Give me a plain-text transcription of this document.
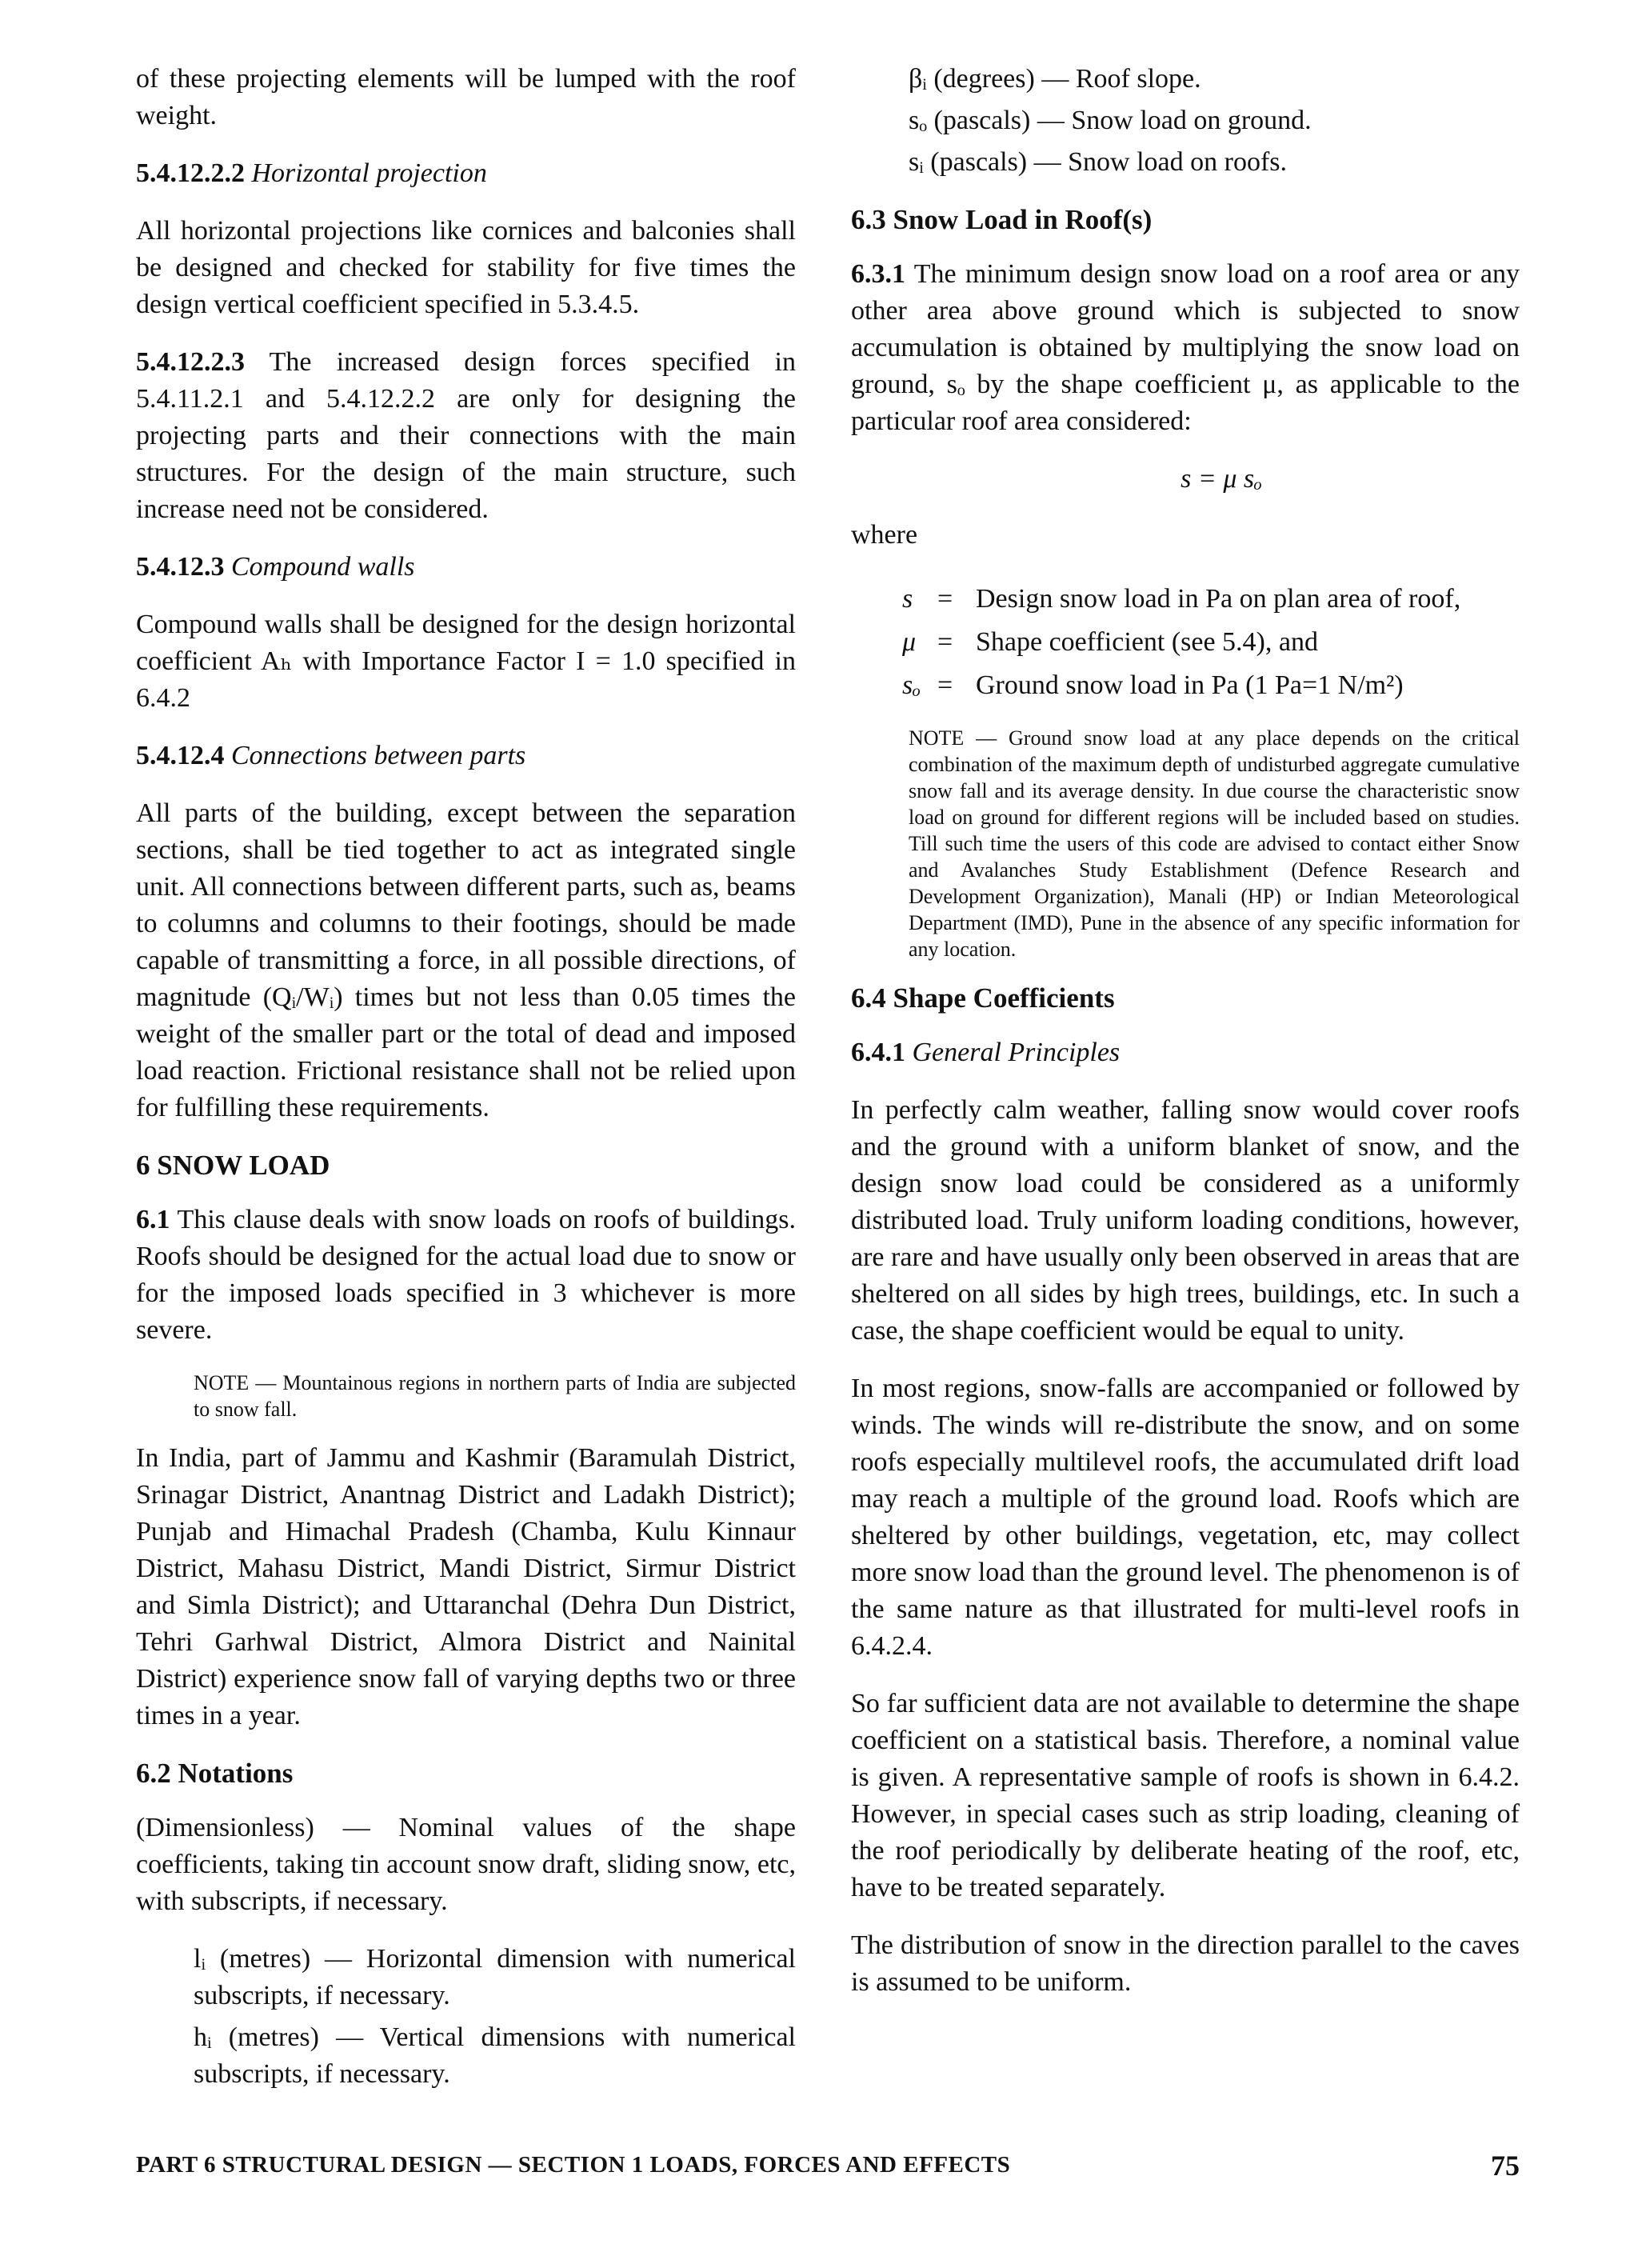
of these projecting elements will be lumped with the roof weight.

5.4.12.2.2 Horizontal projection

All horizontal projections like cornices and balconies shall be designed and checked for stability for five times the design vertical coefficient specified in 5.3.4.5.

5.4.12.2.3 The increased design forces specified in 5.4.11.2.1 and 5.4.12.2.2 are only for designing the projecting parts and their connections with the main structures. For the design of the main structure, such increase need not be considered.

5.4.12.3 Compound walls

Compound walls shall be designed for the design horizontal coefficient Aₕ with Importance Factor I = 1.0 specified in 6.4.2

5.4.12.4 Connections between parts

All parts of the building, except between the separation sections, shall be tied together to act as integrated single unit. All connections between different parts, such as, beams to columns and columns to their footings, should be made capable of transmitting a force, in all possible directions, of magnitude (Qᵢ/Wᵢ) times but not less than 0.05 times the weight of the smaller part or the total of dead and imposed load reaction. Frictional resistance shall not be relied upon for fulfilling these requirements.

6 SNOW LOAD

6.1 This clause deals with snow loads on roofs of buildings. Roofs should be designed for the actual load due to snow or for the imposed loads specified in 3 whichever is more severe.

NOTE — Mountainous regions in northern parts of India are subjected to snow fall.

In India, part of Jammu and Kashmir (Baramulah District, Srinagar District, Anantnag District and Ladakh District); Punjab and Himachal Pradesh (Chamba, Kulu Kinnaur District, Mahasu District, Mandi District, Sirmur District and Simla District); and Uttaranchal (Dehra Dun District, Tehri Garhwal District, Almora District and Nainital District) experience snow fall of varying depths two or three times in a year.

6.2 Notations

(Dimensionless) — Nominal values of the shape coefficients, taking tin account snow draft, sliding snow, etc, with subscripts, if necessary.

lᵢ (metres) — Horizontal dimension with numerical subscripts, if necessary.

hᵢ (metres) — Vertical dimensions with numerical subscripts, if necessary.

βᵢ (degrees) — Roof slope.

sₒ (pascals) — Snow load on ground.

sᵢ (pascals) — Snow load on roofs.

6.3 Snow Load in Roof(s)

6.3.1 The minimum design snow load on a roof area or any other area above ground which is subjected to snow accumulation is obtained by multiplying the snow load on ground, sₒ by the shape coefficient μ, as applicable to the particular roof area considered:

s = μ sₒ

where

s = Design snow load in Pa on plan area of roof,
μ = Shape coefficient (see 5.4), and
sₒ = Ground snow load in Pa (1 Pa=1 N/m²)

NOTE — Ground snow load at any place depends on the critical combination of the maximum depth of undisturbed aggregate cumulative snow fall and its average density. In due course the characteristic snow load on ground for different regions will be included based on studies. Till such time the users of this code are advised to contact either Snow and Avalanches Study Establishment (Defence Research and Development Organization), Manali (HP) or Indian Meteorological Department (IMD), Pune in the absence of any specific information for any location.

6.4 Shape Coefficients

6.4.1 General Principles

In perfectly calm weather, falling snow would cover roofs and the ground with a uniform blanket of snow, and the design snow load could be considered as a uniformly distributed load. Truly uniform loading conditions, however, are rare and have usually only been observed in areas that are sheltered on all sides by high trees, buildings, etc. In such a case, the shape coefficient would be equal to unity.

In most regions, snow-falls are accompanied or followed by winds. The winds will re-distribute the snow, and on some roofs especially multilevel roofs, the accumulated drift load may reach a multiple of the ground load. Roofs which are sheltered by other buildings, vegetation, etc, may collect more snow load than the ground level. The phenomenon is of the same nature as that illustrated for multi-level roofs in 6.4.2.4.

So far sufficient data are not available to determine the shape coefficient on a statistical basis. Therefore, a nominal value is given. A representative sample of roofs is shown in 6.4.2. However, in special cases such as strip loading, cleaning of the roof periodically by deliberate heating of the roof, etc, have to be treated separately.

The distribution of snow in the direction parallel to the caves is assumed to be uniform.

PART 6 STRUCTURAL DESIGN — SECTION 1 LOADS, FORCES AND EFFECTS	75
